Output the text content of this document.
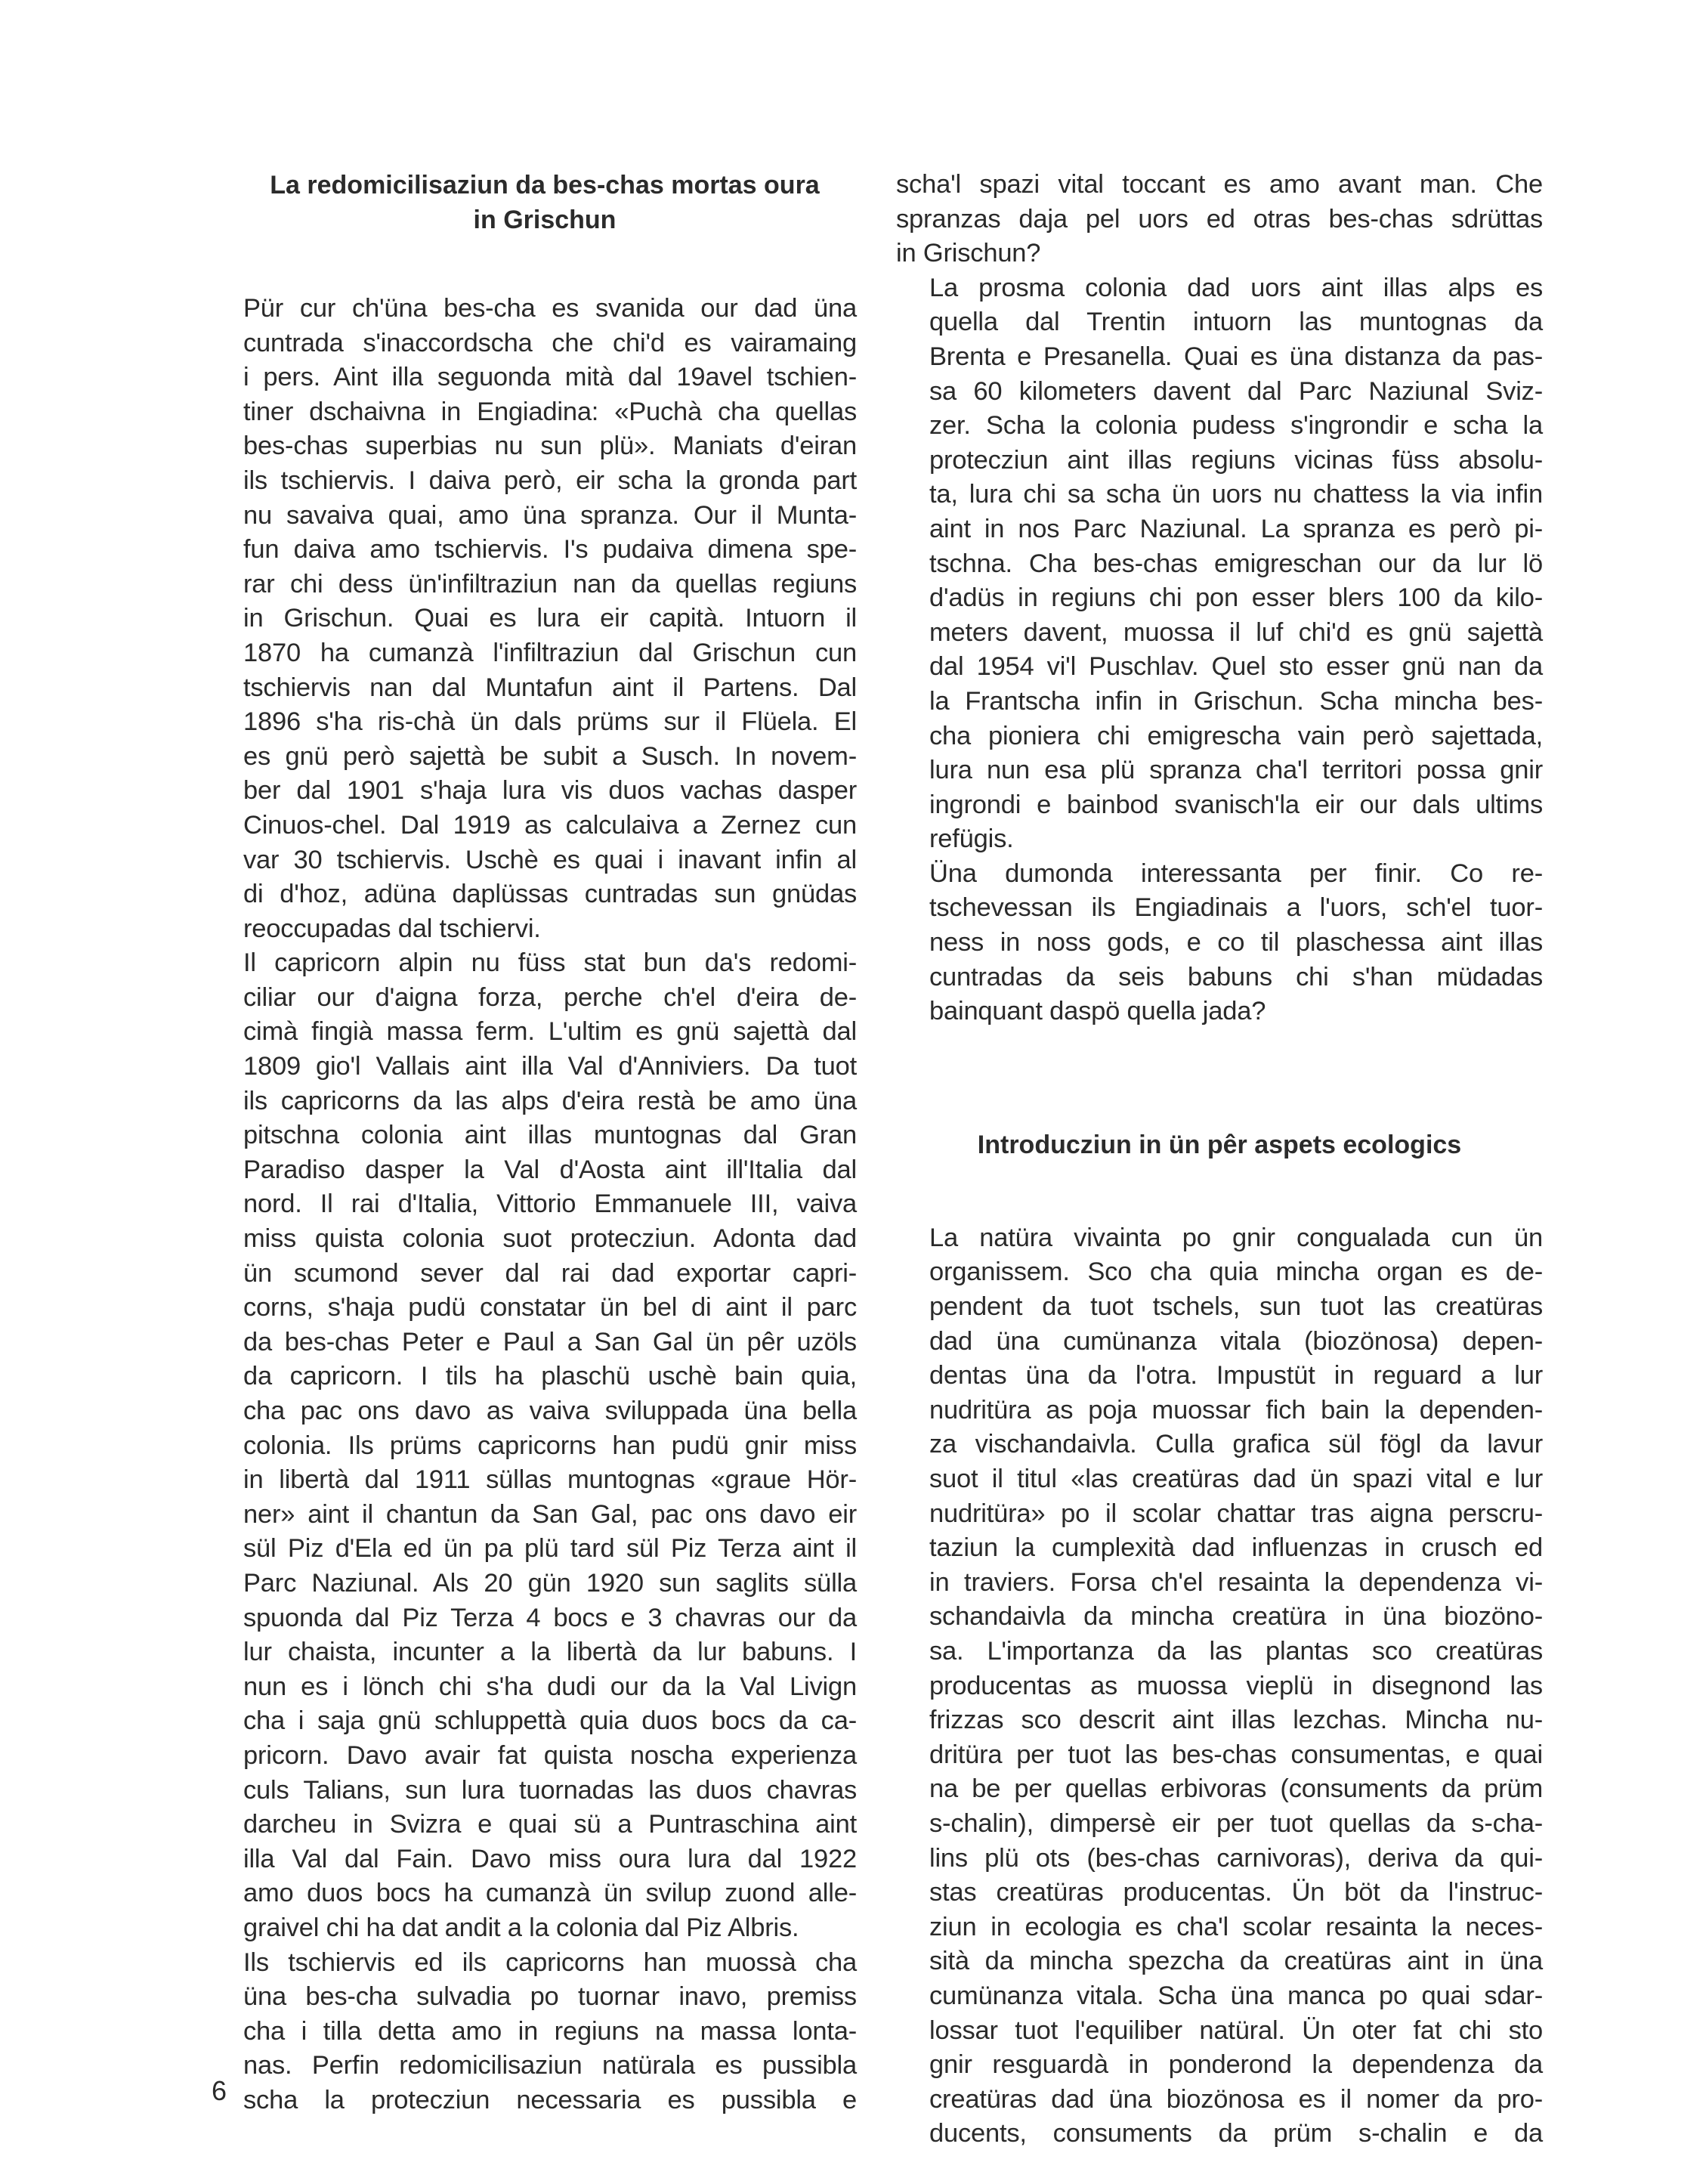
La redomicilisaziun da bes-chas mortas oura
in Grischun
Pür cur ch'üna bes-cha es svanida our dad üna
cuntrada s'inaccordscha che chi'd es vairamaing
i pers. Aint illa seguonda mità dal 19avel tschien-
tiner dschaivna in Engiadina: «Puchà cha quellas
bes-chas superbias nu sun plü». Maniats d'eiran
ils tschiervis. I daiva però, eir scha la gronda part
nu savaiva quai, amo üna spranza. Our il Munta-
fun daiva amo tschiervis. I's pudaiva dimena spe-
rar chi dess ün'infiltraziun nan da quellas regiuns
in Grischun. Quai es lura eir capità. Intuorn il
1870 ha cumanzà l'infiltraziun dal Grischun cun
tschiervis nan dal Muntafun aint il Partens. Dal
1896 s'ha ris-chà ün dals prüms sur il Flüela. El
es gnü però sajettà be subit a Susch. In novem-
ber dal 1901 s'haja lura vis duos vachas dasper
Cinuos-chel. Dal 1919 as calculaiva a Zernez cun
var 30 tschiervis. Uschè es quai i inavant infin al
di d'hoz, adüna daplüssas cuntradas sun gnüdas
reoccupadas dal tschiervi.
Il capricorn alpin nu füss stat bun da's redomi-
ciliar our d'aigna forza, perche ch'el d'eira de-
cimà fingià massa ferm. L'ultim es gnü sajettà dal
1809 gio'l Vallais aint illa Val d'Anniviers. Da tuot
ils capricorns da las alps d'eira restà be amo üna
pitschna colonia aint illas muntognas dal Gran
Paradiso dasper la Val d'Aosta aint ill'Italia dal
nord. Il rai d'Italia, Vittorio Emmanuele III, vaiva
miss quista colonia suot protecziun. Adonta dad
ün scumond sever dal rai dad exportar capri-
corns, s'haja pudü constatar ün bel di aint il parc
da bes-chas Peter e Paul a San Gal ün pêr uzöls
da capricorn. I tils ha plaschü uschè bain quia,
cha pac ons davo as vaiva sviluppada üna bella
colonia. Ils prüms capricorns han pudü gnir miss
in libertà dal 1911 süllas muntognas «graue Hör-
ner» aint il chantun da San Gal, pac ons davo eir
sül Piz d'Ela ed ün pa plü tard sül Piz Terza aint il
Parc Naziunal. Als 20 gün 1920 sun saglits sülla
spuonda dal Piz Terza 4 bocs e 3 chavras our da
lur chaista, incunter a la libertà da lur babuns. I
nun es i lönch chi s'ha dudi our da la Val Livign
cha i saja gnü schluppettà quia duos bocs da ca-
pricorn. Davo avair fat quista noscha experienza
culs Talians, sun lura tuornadas las duos chavras
darcheu in Svizra e quai sü a Puntraschina aint
illa Val dal Fain. Davo miss oura lura dal 1922
amo duos bocs ha cumanzà ün svilup zuond alle-
graivel chi ha dat andit a la colonia dal Piz Albris.
Ils tschiervis ed ils capricorns han muossà cha
üna bes-cha sulvadia po tuornar inavo, premiss
cha i tilla detta amo in regiuns na massa lonta-
nas. Perfin redomicilisaziun natürala es pussibla
scha la protecziun necessaria es pussibla e
scha'l spazi vital toccant es amo avant man. Che
spranzas daja pel uors ed otras bes-chas sdrüttas
in Grischun?
La prosma colonia dad uors aint illas alps es
quella dal Trentin intuorn las muntognas da
Brenta e Presanella. Quai es üna distanza da pas-
sa 60 kilometers davent dal Parc Naziunal Sviz-
zer. Scha la colonia pudess s'ingrondir e scha la
protecziun aint illas regiuns vicinas füss absolu-
ta, lura chi sa scha ün uors nu chattess la via infin
aint in nos Parc Naziunal. La spranza es però pi-
tschna. Cha bes-chas emigreschan our da lur lö
d'adüs in regiuns chi pon esser blers 100 da kilo-
meters davent, muossa il luf chi'd es gnü sajettà
dal 1954 vi'l Puschlav. Quel sto esser gnü nan da
la Frantscha infin in Grischun. Scha mincha bes-
cha pioniera chi emigrescha vain però sajettada,
lura nun esa plü spranza cha'l territori possa gnir
ingrondi e bainbod svanisch'la eir our dals ultims
refügis.
Üna dumonda interessanta per finir. Co re-
tschevessan ils Engiadinais a l'uors, sch'el tuor-
ness in noss gods, e co til plaschessa aint illas
cuntradas da seis babuns chi s'han müdadas
bainquant daspö quella jada?
Introducziun in ün pêr aspets ecologics
La natüra vivainta po gnir congualada cun ün
organissem. Sco cha quia mincha organ es de-
pendent da tuot tschels, sun tuot las creatüras
dad üna cumünanza vitala (biozönosa) depen-
dentas üna da l'otra. Impustüt in reguard a lur
nudritüra as poja muossar fich bain la dependen-
za vischandaivla. Culla grafica sül fögl da lavur
suot il titul «las creatüras dad ün spazi vital e lur
nudritüra» po il scolar chattar tras aigna perscru-
taziun la cumplexità dad influenzas in crusch ed
in traviers. Forsa ch'el resainta la dependenza vi-
schandaivla da mincha creatüra in üna biozöno-
sa. L'importanza da las plantas sco creatüras
producentas as muossa vieplü in disegnond las
frizzas sco descrit aint illas lezchas. Mincha nu-
dritüra per tuot las bes-chas consumentas, e quai
na be per quellas erbivoras (consuments da prüm
s-chalin), dimpersè eir per tuot quellas da s-cha-
lins plü ots (bes-chas carnivoras), deriva da qui-
stas creatüras producentas. Ün böt da l'instruc-
ziun in ecologia es cha'l scolar resainta la neces-
sità da mincha spezcha da creatüras aint in üna
cumünanza vitala. Scha üna manca po quai sdar-
lossar tuot l'equiliber natüral. Ün oter fat chi sto
gnir resguardà in ponderond la dependenza da
creatüras dad üna biozönosa es il nomer da pro-
ducents, consuments da prüm s-chalin e da
6
